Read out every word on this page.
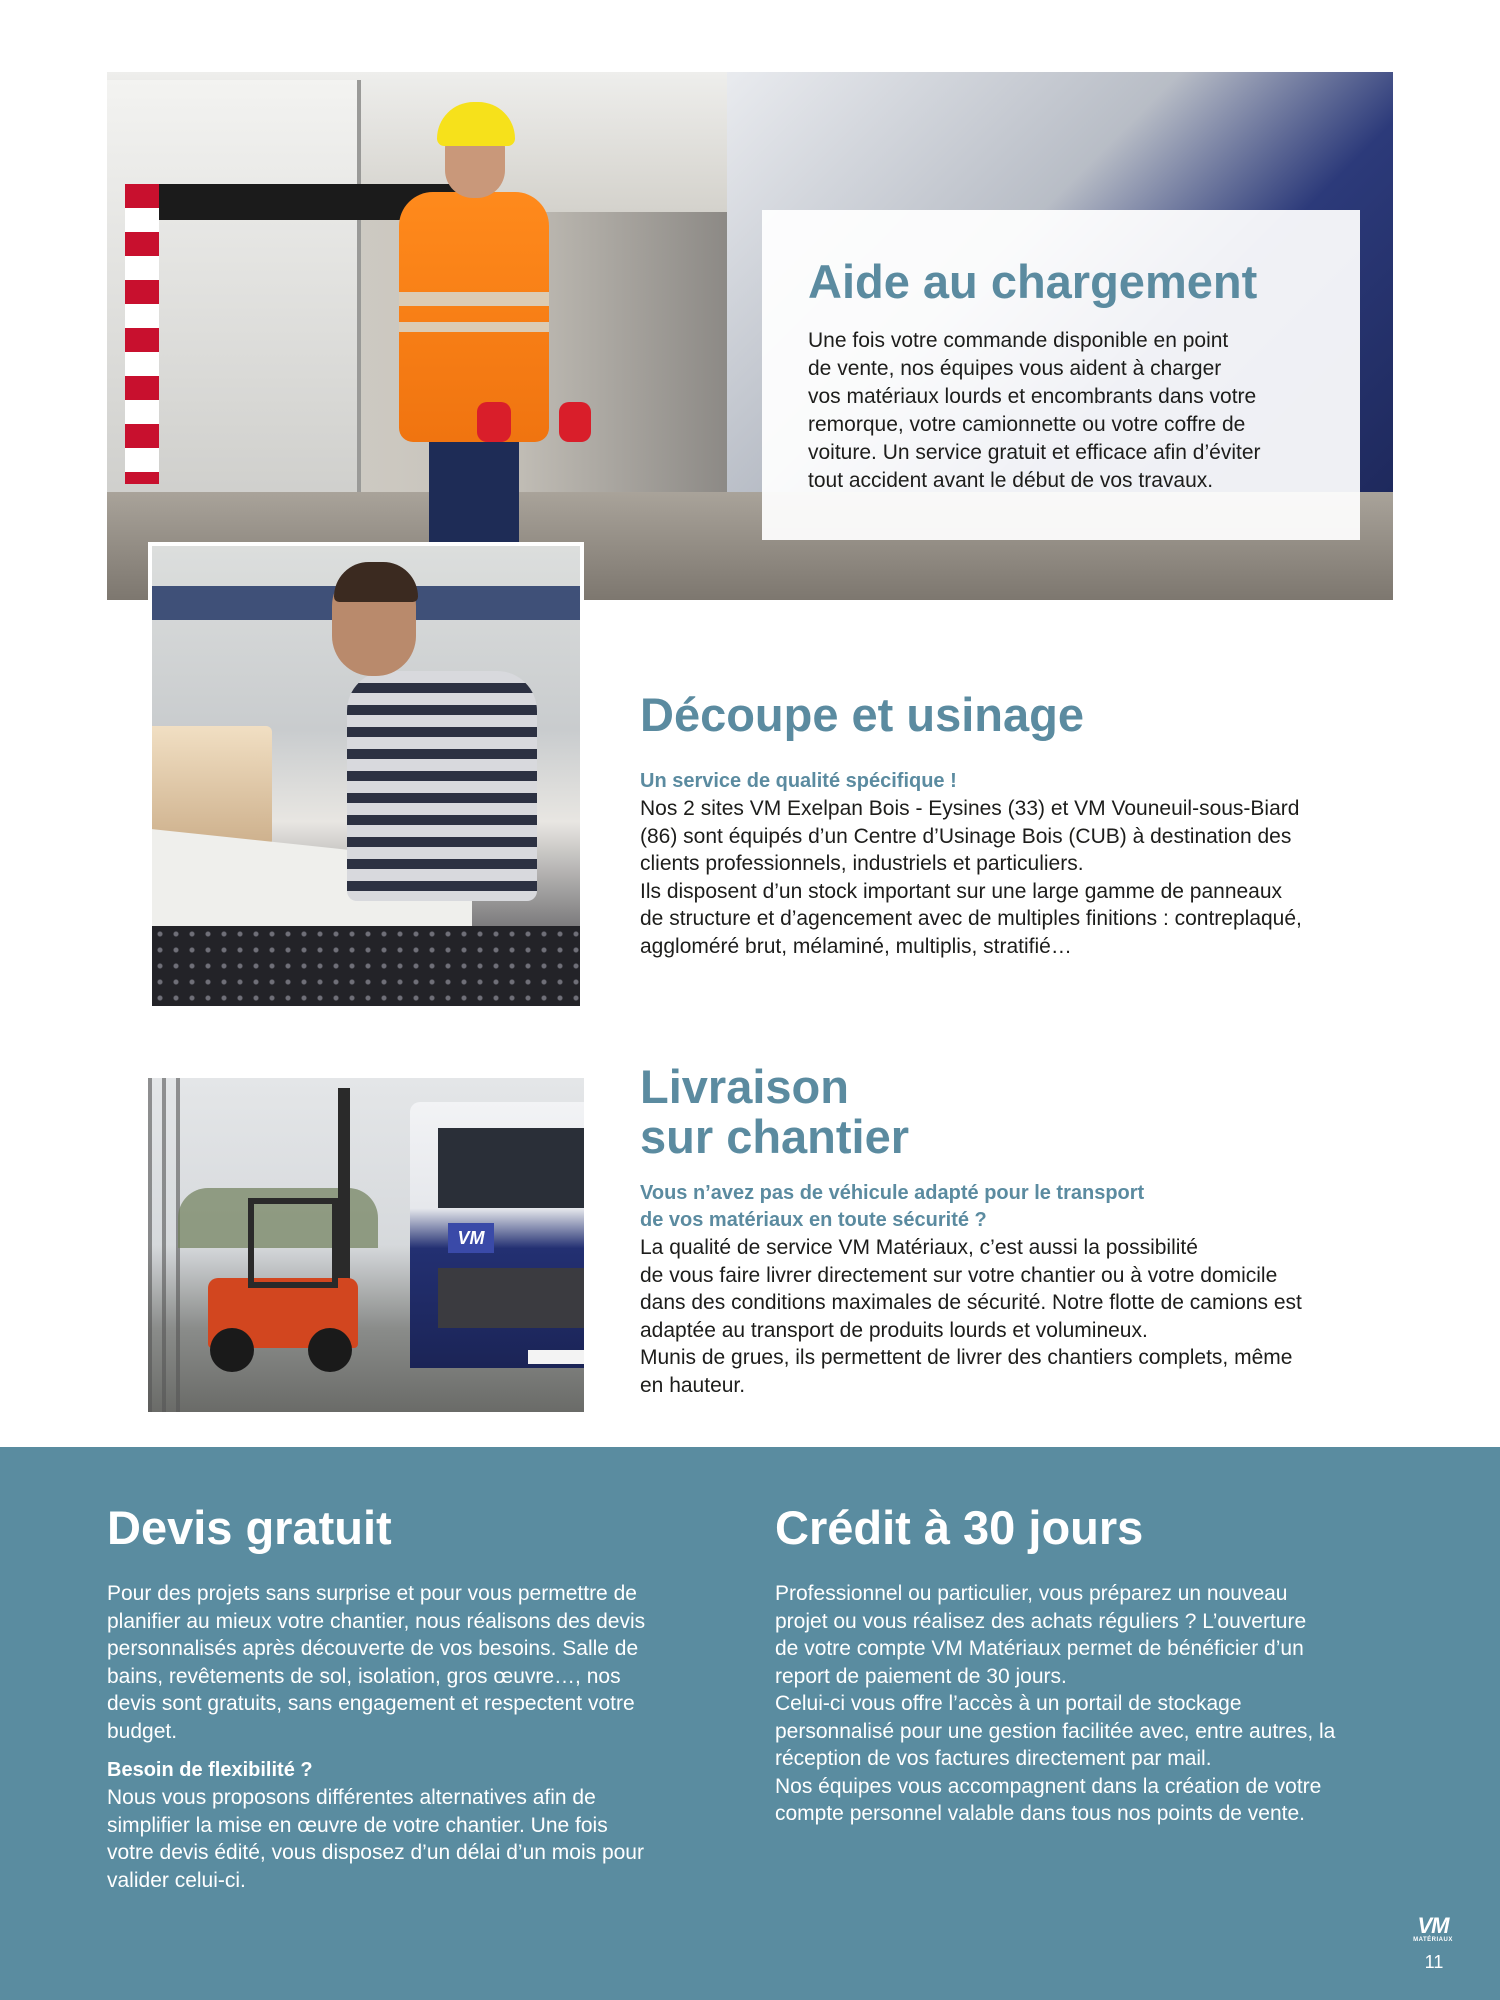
Aide au chargement

Une fois votre commande disponible en point
de vente, nos équipes vous aident à charger
vos matériaux lourds et encombrants dans votre
remorque, votre camionnette ou votre coffre de
voiture. Un service gratuit et efficace afin d’éviter
tout accident avant le début de vos travaux.

Découpe et usinage
Un service de qualité spécifique !

Nos 2 sites VM Exelpan Bois - Eysines (33) et VM Vouneuil-sous-Biard
(86) sont équipés d’un Centre d’Usinage Bois (CUB) à destination des
clients professionnels, industriels et particuliers.
Ils disposent d’un stock important sur une large gamme de panneaux
de structure et d’agencement avec de multiples finitions : contreplaqué,
aggloméré brut, mélaminé, multiplis, stratifié…

VM
Livraison
sur chantier
Vous n’avez pas de véhicule adapté pour le transport
de vos matériaux en toute sécurité ?

La qualité de service VM Matériaux, c’est aussi la possibilité
de vous faire livrer directement sur votre chantier ou à votre domicile
dans des conditions maximales de sécurité. Notre flotte de camions est
adaptée au transport de produits lourds et volumineux.
Munis de grues, ils permettent de livrer des chantiers complets, même
en hauteur.

Devis gratuit

Pour des projets sans surprise et pour vous permettre de
planifier au mieux votre chantier, nous réalisons des devis
personnalisés après découverte de vos besoins. Salle de
bains, revêtements de sol, isolation, gros œuvre…, nos
devis sont gratuits, sans engagement et respectent votre
budget.

Besoin de flexibilité ?

Nous vous proposons différentes alternatives afin de
simplifier la mise en œuvre de votre chantier. Une fois
votre devis édité, vous disposez d’un délai d’un mois pour
valider celui-ci.

Crédit à 30 jours

Professionnel ou particulier, vous préparez un nouveau
projet ou vous réalisez des achats réguliers ? L’ouverture
de votre compte VM Matériaux permet de bénéficier d’un
report de paiement de 30 jours.
Celui-ci vous offre l’accès à un portail de stockage
personnalisé pour une gestion facilitée avec, entre autres, la
réception de vos factures directement par mail.
Nos équipes vous accompagnent dans la création de votre
compte personnel valable dans tous nos points de vente.

VM
MATÉRIAUX
11
